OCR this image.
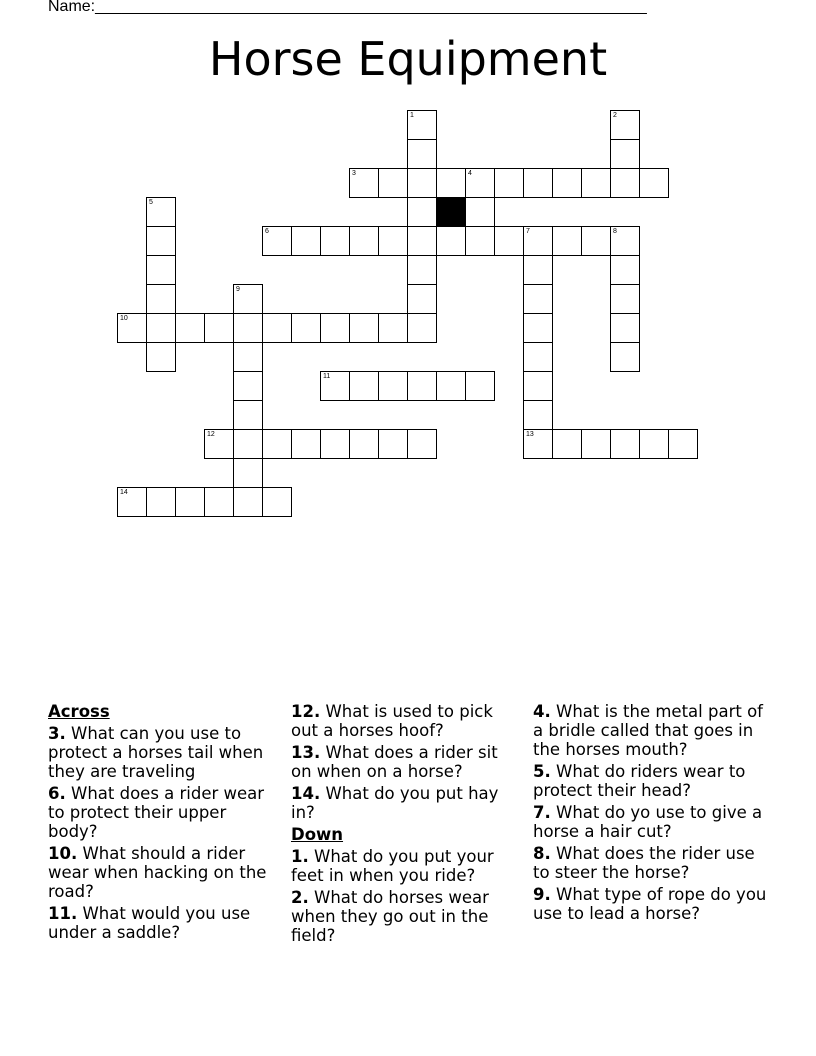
Name:______________________________________________________________
Horse Equipment
1	2
3	4
5
6	7	8
13
9
10
11
12
14
Across
3. What can you use to protect a horses tail when they are traveling
6. What does a rider wear to protect their upper body?
10. What should a rider wear when hacking on the road?
11. What would you use under a saddle?
12. What is used to pick out a horses hoof?
13. What does a rider sit on when on a horse?
14. What do you put hay in?
Down
1. What do you put your feet in when you ride?
2. What do horses wear when they go out in the field?
4. What is the metal part of a bridle called that goes in the horses mouth?
5. What do riders wear to protect their head?
7. What do yo use to give a horse a hair cut?
8. What does the rider use to steer the horse?
9. What type of rope do you use to lead a horse?
